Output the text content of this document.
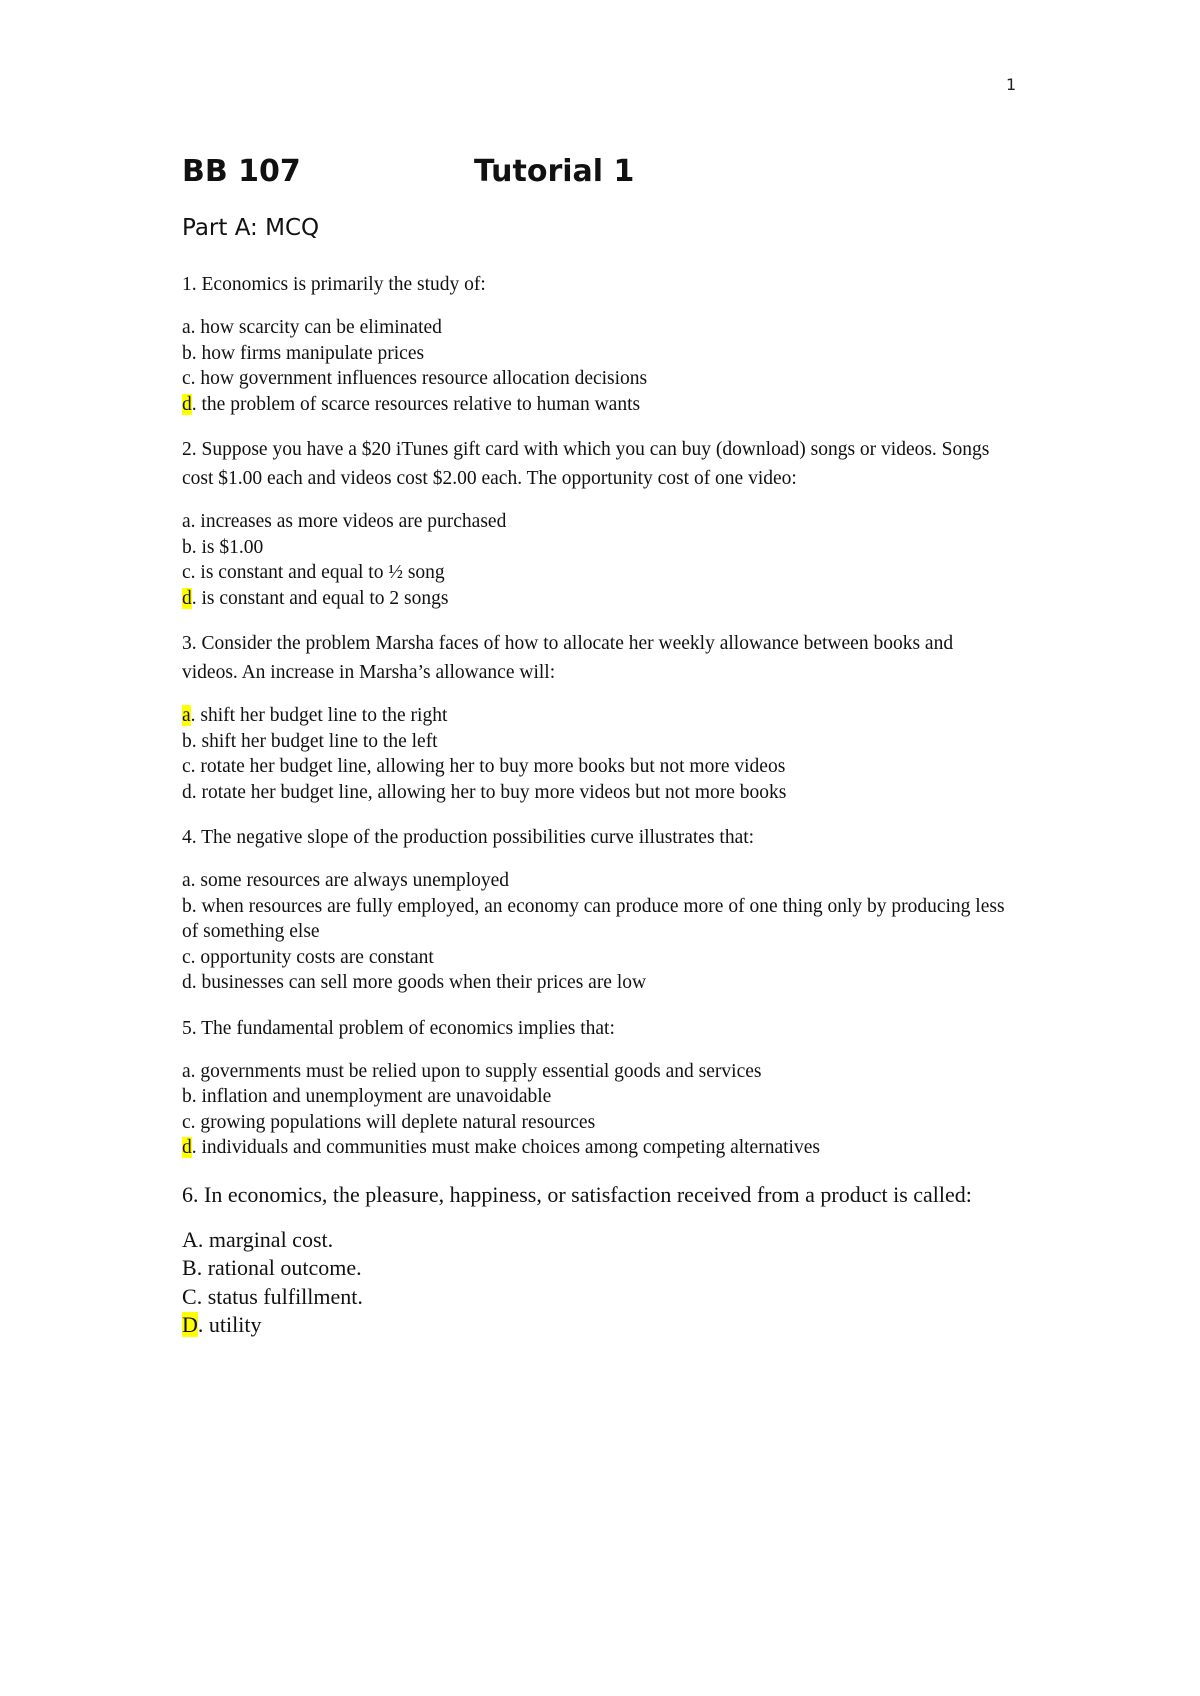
1
BB 107	Tutorial 1
Part A: MCQ
1. Economics is primarily the study of:
a. how scarcity can be eliminated
b. how firms manipulate prices
c. how government influences resource allocation decisions
d. the problem of scarce resources relative to human wants
2. Suppose you have a $20 iTunes gift card with which you can buy (download) songs or videos. Songs cost $1.00 each and videos cost $2.00 each. The opportunity cost of one video:
a. increases as more videos are purchased
b. is $1.00
c. is constant and equal to ½ song
d. is constant and equal to 2 songs
3. Consider the problem Marsha faces of how to allocate her weekly allowance between books and videos. An increase in Marsha’s allowance will:
a. shift her budget line to the right
b. shift her budget line to the left
c. rotate her budget line, allowing her to buy more books but not more videos
d. rotate her budget line, allowing her to buy more videos but not more books
4. The negative slope of the production possibilities curve illustrates that:
a. some resources are always unemployed
b. when resources are fully employed, an economy can produce more of one thing only by producing less of something else
c. opportunity costs are constant
d. businesses can sell more goods when their prices are low
5. The fundamental problem of economics implies that:
a. governments must be relied upon to supply essential goods and services
b. inflation and unemployment are unavoidable
c. growing populations will deplete natural resources
d. individuals and communities must make choices among competing alternatives
6. In economics, the pleasure, happiness, or satisfaction received from a product is called:
A. marginal cost.
B. rational outcome.
C. status fulfillment.
D. utility
